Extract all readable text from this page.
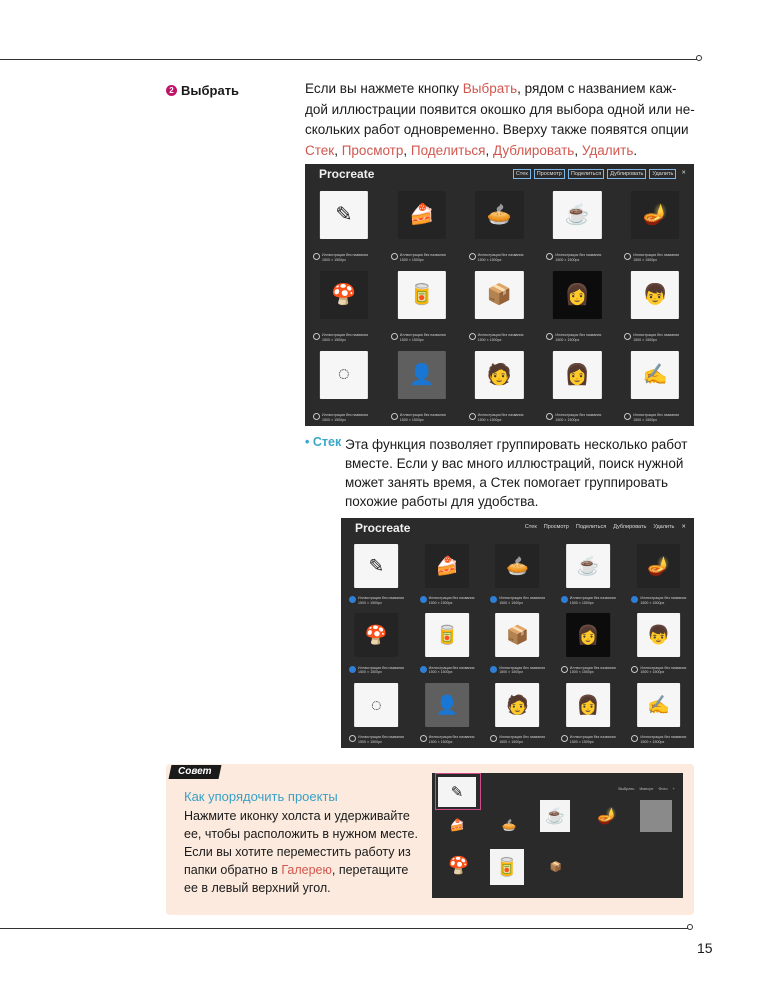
2 Выбрать	Если вы нажмете кнопку Выбрать, рядом с названием каж-дой иллюстрации появится окошко для выбора одной или не-скольких работ одновременно. Вверху также появятся опции Стек, Просмотр, Поделиться, Дублировать, Удалить.

Procreate	Стек	Просмотр	Поделиться	Дублировать	Удалить	✕
✎
Иллюстрация без названия
1500 × 1500px
🍰
Иллюстрация без названия
1500 × 1500px
🥧
Иллюстрация без названия
1500 × 1500px
☕
Иллюстрация без названия
1500 × 1500px
🪔
Иллюстрация без названия
1500 × 1500px
🍄
Иллюстрация без названия
1500 × 1500px
🥫
Иллюстрация без названия
1500 × 1500px
📦
Иллюстрация без названия
1500 × 1500px
👩
Иллюстрация без названия
1500 × 1500px
👦
Иллюстрация без названия
1500 × 1500px
◌
Иллюстрация без названия
1500 × 1500px
👤
Иллюстрация без названия
1500 × 1500px
🧑
Иллюстрация без названия
1500 × 1500px
👩
Иллюстрация без названия
1500 × 1500px
✍
Иллюстрация без названия
1500 × 1500px
• Стек Эта функция позволяет группировать несколько работ вместе. Если у вас много иллюстраций, поиск нужной может занять время, а Стек помогает группировать похожие работы для удобства.

Procreate	Стек	Просмотр	Поделиться	Дублировать	Удалить	✕
✎
Иллюстрация без названия
1500 × 1500px
🍰
Иллюстрация без названия
1500 × 1500px
🥧
Иллюстрация без названия
1500 × 1500px
☕
Иллюстрация без названия
1500 × 1500px
🪔
Иллюстрация без названия
1500 × 1500px
🍄
Иллюстрация без названия
1500 × 1500px
🥫
Иллюстрация без названия
1500 × 1500px
📦
Иллюстрация без названия
1500 × 1500px
👩
Иллюстрация без названия
1500 × 1500px
👦
Иллюстрация без названия
1500 × 1500px
◌
Иллюстрация без названия
1500 × 1500px
👤
Иллюстрация без названия
1500 × 1500px
🧑
Иллюстрация без названия
1500 × 1500px
👩
Иллюстрация без названия
1500 × 1500px
✍
Иллюстрация без названия
1500 × 1500px
Совет
Как упорядочить проекты

Нажмите иконку холста и удерживайте ее, чтобы расположить в нужном месте. Если вы хотите переместить работу из папки обратно в Галерею, перетащите ее в левый верхний угол.

Выбрать Импорт Фото +
✎
🍰	🥧	☕	🪔
🍄	🥫	📦
15
